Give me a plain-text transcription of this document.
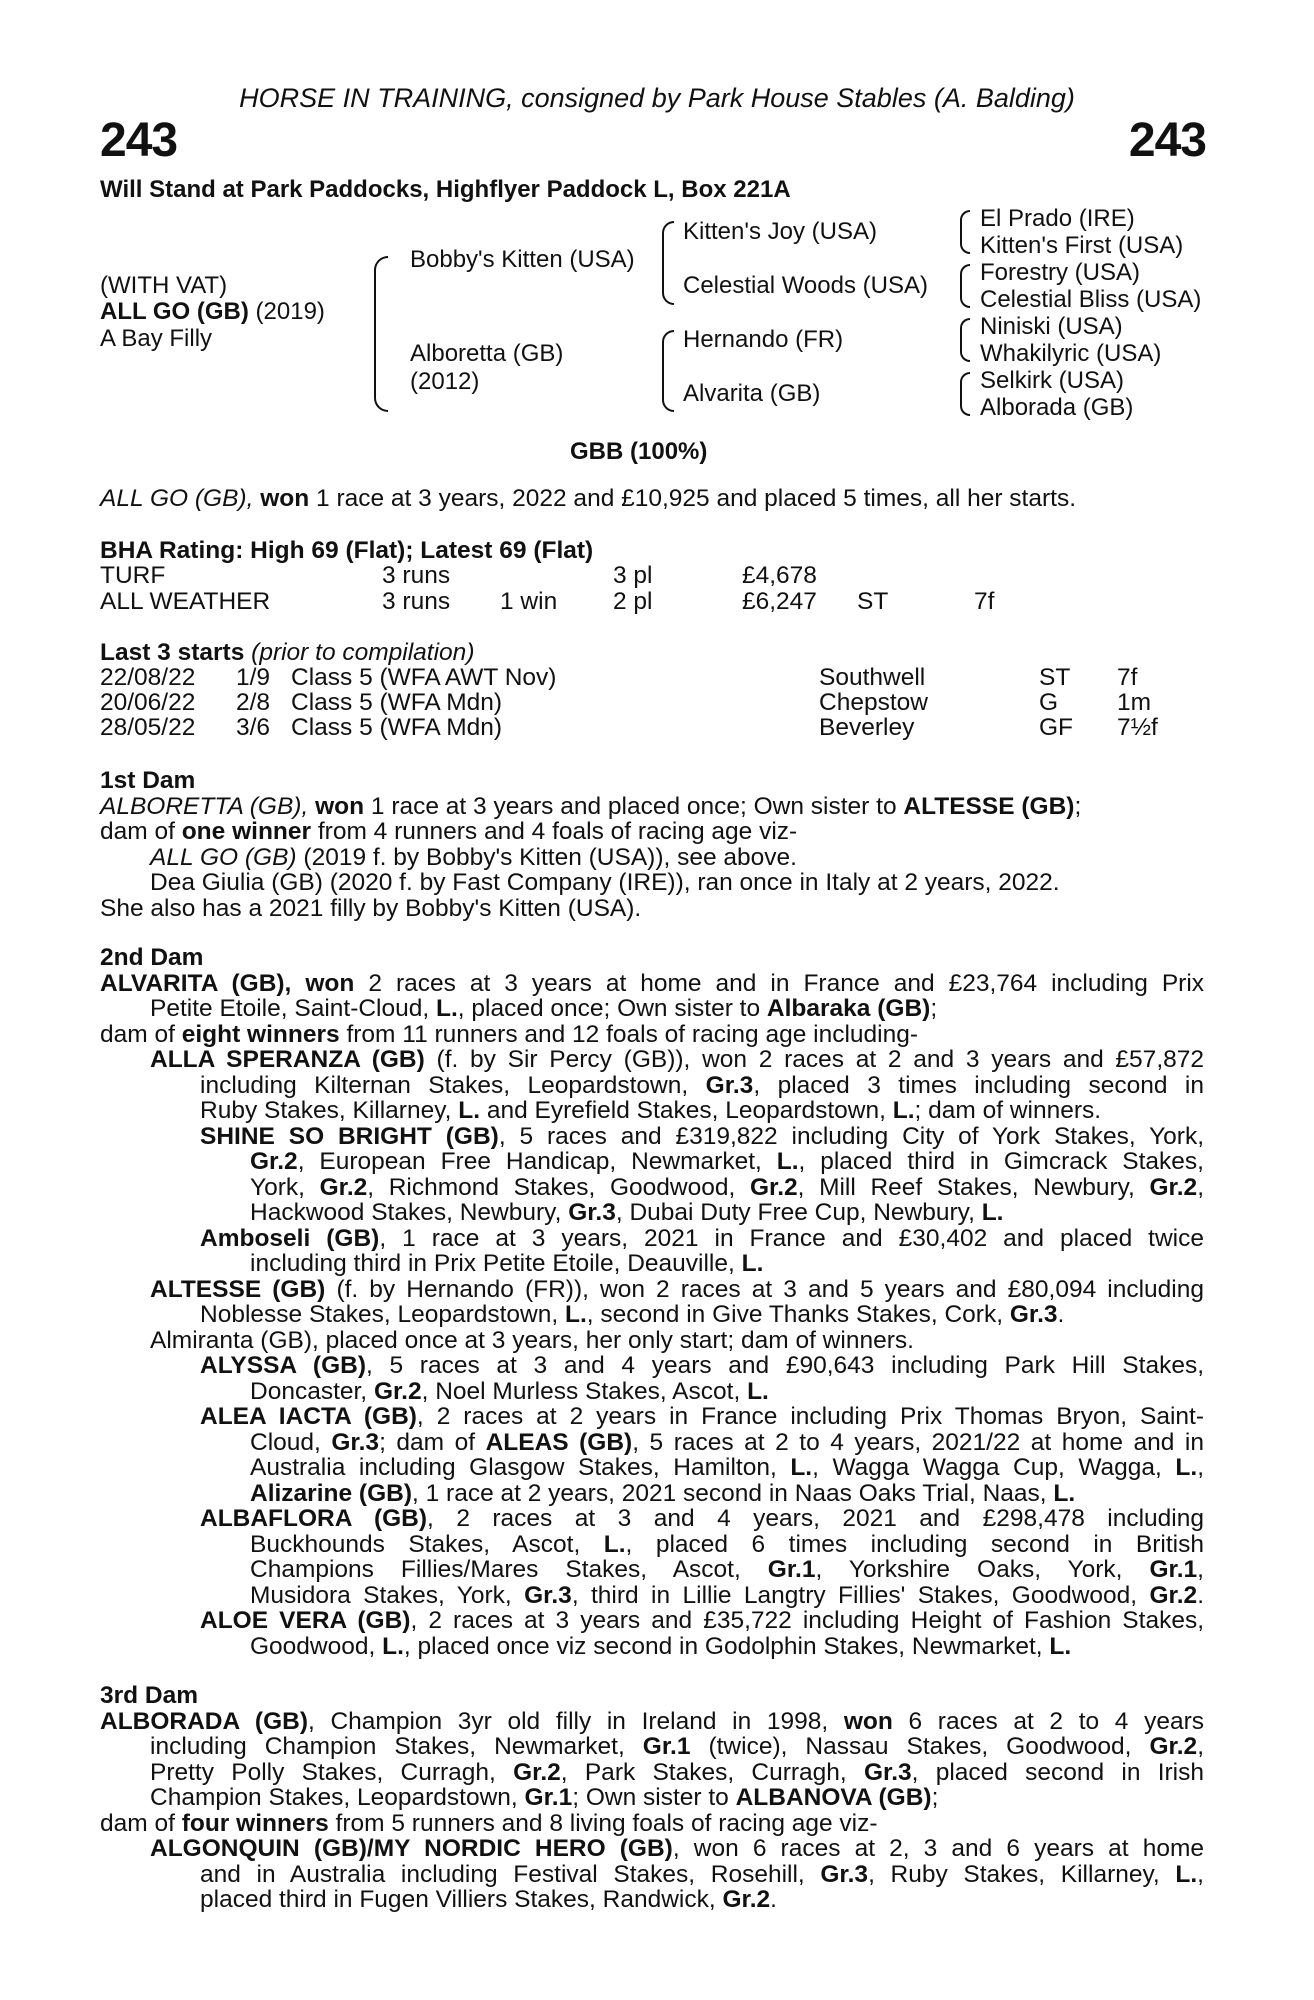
HORSE IN TRAINING, consigned by Park House Stables (A. Balding)
243	243
Will Stand at Park Paddocks, Highflyer Paddock L, Box 221A
(WITH VAT)
ALL GO (GB) (2019)
A Bay Filly
Bobby's Kitten (USA)
Alboretta (GB)
(2012)
Kitten's Joy (USA)
Celestial Woods (USA)
Hernando (FR)
Alvarita (GB)
El Prado (IRE)
Kitten's First (USA)
Forestry (USA)
Celestial Bliss (USA)
Niniski (USA)
Whakilyric (USA)
Selkirk (USA)
Alborada (GB)
GBB (100%)
ALL GO (GB), won 1 race at 3 years, 2022 and £10,925 and placed 5 times, all her starts.
BHA Rating: High 69 (Flat); Latest 69 (Flat)
TURF	3 runs	3 pl	£4,678
ALL WEATHER	3 runs 1 win 2 pl	£6,247 ST	7f
Last 3 starts (prior to compilation)
22/08/22 1/9 Class 5 (WFA AWT Nov)	Southwell	ST 7f
20/06/22 2/8 Class 5 (WFA Mdn)	Chepstow	G 1m
28/05/22 3/6 Class 5 (WFA Mdn)	Beverley	GF 7½f
1st Dam
ALBORETTA (GB), won 1 race at 3 years and placed once; Own sister to ALTESSE (GB);
dam of one winner from 4 runners and 4 foals of racing age viz-
ALL GO (GB) (2019 f. by Bobby's Kitten (USA)), see above.
Dea Giulia (GB) (2020 f. by Fast Company (IRE)), ran once in Italy at 2 years, 2022.
She also has a 2021 filly by Bobby's Kitten (USA).
2nd Dam
ALVARITA (GB), won 2 races at 3 years at home and in France and £23,764 including Prix
Petite Etoile, Saint-Cloud, L., placed once; Own sister to Albaraka (GB);
dam of eight winners from 11 runners and 12 foals of racing age including-
ALLA SPERANZA (GB) (f. by Sir Percy (GB)), won 2 races at 2 and 3 years and £57,872
including Kilternan Stakes, Leopardstown, Gr.3, placed 3 times including second in
Ruby Stakes, Killarney, L. and Eyrefield Stakes, Leopardstown, L.; dam of winners.
SHINE SO BRIGHT (GB), 5 races and £319,822 including City of York Stakes, York,
Gr.2, European Free Handicap, Newmarket, L., placed third in Gimcrack Stakes,
York, Gr.2, Richmond Stakes, Goodwood, Gr.2, Mill Reef Stakes, Newbury, Gr.2,
Hackwood Stakes, Newbury, Gr.3, Dubai Duty Free Cup, Newbury, L.
Amboseli (GB), 1 race at 3 years, 2021 in France and £30,402 and placed twice
including third in Prix Petite Etoile, Deauville, L.
ALTESSE (GB) (f. by Hernando (FR)), won 2 races at 3 and 5 years and £80,094 including
Noblesse Stakes, Leopardstown, L., second in Give Thanks Stakes, Cork, Gr.3.
Almiranta (GB), placed once at 3 years, her only start; dam of winners.
ALYSSA (GB), 5 races at 3 and 4 years and £90,643 including Park Hill Stakes,
Doncaster, Gr.2, Noel Murless Stakes, Ascot, L.
ALEA IACTA (GB), 2 races at 2 years in France including Prix Thomas Bryon, Saint-
Cloud, Gr.3; dam of ALEAS (GB), 5 races at 2 to 4 years, 2021/22 at home and in
Australia including Glasgow Stakes, Hamilton, L., Wagga Wagga Cup, Wagga, L.,
Alizarine (GB), 1 race at 2 years, 2021 second in Naas Oaks Trial, Naas, L.
ALBAFLORA (GB), 2 races at 3 and 4 years, 2021 and £298,478 including
Buckhounds Stakes, Ascot, L., placed 6 times including second in British
Champions Fillies/Mares Stakes, Ascot, Gr.1, Yorkshire Oaks, York, Gr.1,
Musidora Stakes, York, Gr.3, third in Lillie Langtry Fillies' Stakes, Goodwood, Gr.2.
ALOE VERA (GB), 2 races at 3 years and £35,722 including Height of Fashion Stakes,
Goodwood, L., placed once viz second in Godolphin Stakes, Newmarket, L.
3rd Dam
ALBORADA (GB), Champion 3yr old filly in Ireland in 1998, won 6 races at 2 to 4 years
including Champion Stakes, Newmarket, Gr.1 (twice), Nassau Stakes, Goodwood, Gr.2,
Pretty Polly Stakes, Curragh, Gr.2, Park Stakes, Curragh, Gr.3, placed second in Irish
Champion Stakes, Leopardstown, Gr.1; Own sister to ALBANOVA (GB);
dam of four winners from 5 runners and 8 living foals of racing age viz-
ALGONQUIN (GB)/MY NORDIC HERO (GB), won 6 races at 2, 3 and 6 years at home
and in Australia including Festival Stakes, Rosehill, Gr.3, Ruby Stakes, Killarney, L.,
placed third in Fugen Villiers Stakes, Randwick, Gr.2.
